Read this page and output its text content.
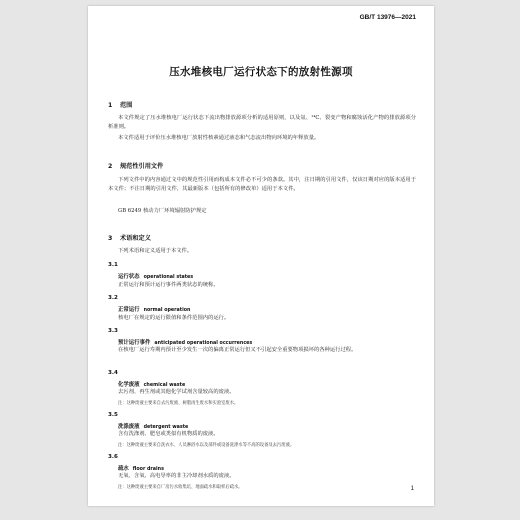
GB/T 13976—2021
压水堆核电厂运行状态下的放射性源项
1 范围
本文件规定了压水堆核电厂运行状态下流出物排放源项分析的适用原则，以及氚、¹⁴C、裂变产物和腐蚀活化产物的排放源项分析准则。
本文件适用于评价压水堆核电厂放射性核素通过液态和气态流出物向环境的年释放量。
2 规范性引用文件
下列文件中的内容通过文中的规范性引用而构成本文件必不可少的条款。其中，注日期的引用文件，仅该日期对应的版本适用于本文件；不注日期的引用文件，其最新版本（包括所有的修改单）适用于本文件。
GB 6249 核动力厂环境辐射防护规定
3 术语和定义
下列术语和定义适用于本文件。
3.1
运行状态 operational states
正常运行和预计运行事件两类状态的统称。
3.2
正常运行 normal operation
核电厂在规定的运行限值和条件范围内的运行。
3.3
预计运行事件 anticipated operational occurrences
在核电厂运行寿期内预计至少发生一次的偏离正常运行但又不引起安全重要物项损坏的各种运行过程。
3.4
化学废液 chemical waste
去污剂、再生剂或其他化学试剂含量较高的废液。
注：这种废液主要来自去污废液、树脂再生废水和实验室废水。
3.5
洗涤废液 detergent waste
含有洗涤剂、肥皂或类似有机物质的废液。
注：这种废液主要来自洗衣水、人员淋浴水以及部件或设备洗涤水等不高的设备及去污废液。
3.6
疏水 floor drains
无氧、含氧、高电导率的非主冷却剂水质的废液。
注：这种废液主要来自厂房污水收集坑、地面疏水和取样后疏水。	1
